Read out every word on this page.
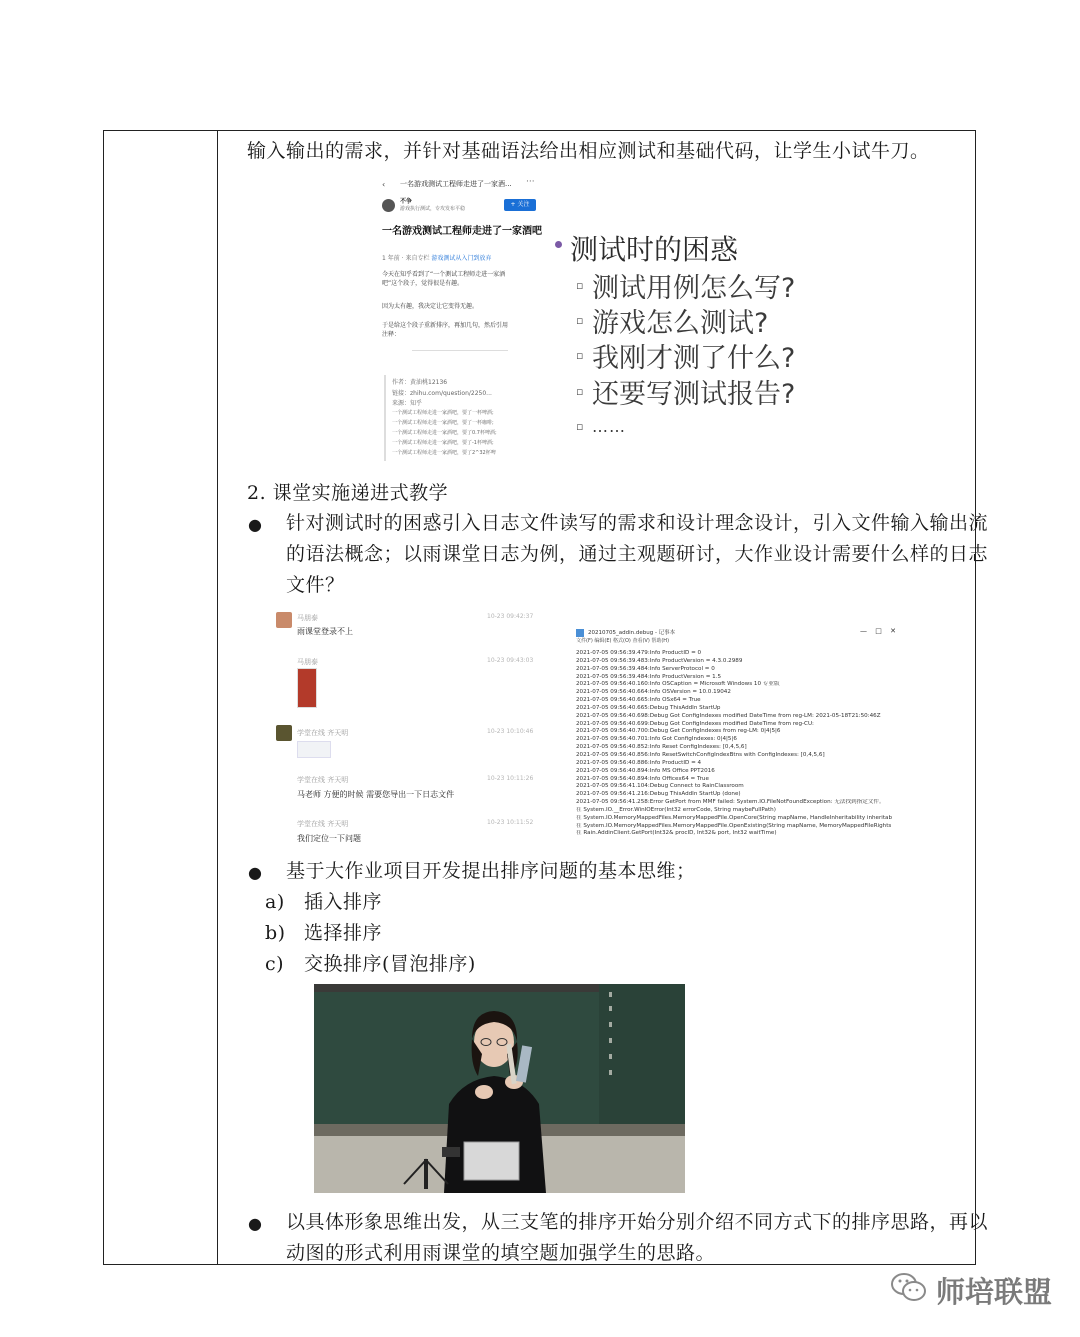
输入输出的需求，并针对基础语法给出相应测试和基础代码，让学生小试牛刀。
一名游戏测试工程师走进了一家酒... ···
‹
不争
游戏执行测试，专攻发布平稳
+ 关注
一名游戏测试工程师走进了一家酒吧
1 年前 · 来自专栏 游戏测试从入门到放弃
今天在知乎看到了“一个测试工程师走进一家酒吧”这个段子，觉得很是有趣。
因为太有趣，我决定让它变得无趣。
于是给这个段子重新排序，再加几句，然后引用注释：
作者：黄油桃12136
链接：zhihu.com/question/2250...
来源：知乎
一个测试工程师走进一家酒吧，要了一杯啤酒;
一个测试工程师走进一家酒吧，要了一杯咖啡;
一个测试工程师走进一家酒吧，要了0.7杯啤酒;
一个测试工程师走进一家酒吧，要了-1杯啤酒;
一个测试工程师走进一家酒吧，要了2^32杯啤
测试时的困惑
▫ 测试用例怎么写?
▫ 游戏怎么测试?
▫ 我刚才测了什么?
▫ 还要写测试报告?
▫ ……
2. 课堂实施递进式教学
● 针对测试时的困惑引入日志文件读写的需求和设计理念设计，引入文件输入输出流
的语法概念；以雨课堂日志为例，通过主观题研讨，大作业设计需要什么样的日志
文件？
马朋泰	10-23 09:42:37
雨课堂登录不上
马朋泰	10-23 09:43:03
学堂在线 齐天明	10-23 10:10:46
学堂在线 齐天明	10-23 10:11:26
马老师 方便的时候 需要您导出一下日志文件
学堂在线 齐天明	10-23 10:11:52
我们定位一下问题
20210705_addin.debug - 记事本	— □ ✕
文件(F) 编辑(E) 格式(O) 查看(V) 帮助(H)
2021-07-05 09:56:39.479:Info ProductID = 0
2021-07-05 09:56:39.483:Info ProductVersion = 4.3.0.2989
2021-07-05 09:56:39.484:Info ServerProtocol = 0
2021-07-05 09:56:39.484:Info ProductVersion = 1.5
2021-07-05 09:56:40.160:Info OSCaption = Microsoft Windows 10 专业版
2021-07-05 09:56:40.664:Info OSVersion = 10.0.19042
2021-07-05 09:56:40.665:Info OSx64 = True
2021-07-05 09:56:40.665:Debug ThisAddIn StartUp
2021-07-05 09:56:40.698:Debug Got ConfigIndexes modified DateTime from reg-LM: 2021-05-18T21:50:46Z
2021-07-05 09:56:40.699:Debug Got ConfigIndexes modified DateTime from reg-CU:
2021-07-05 09:56:40.700:Debug Get ConfigIndexes from reg-LM: 0|4|5|6
2021-07-05 09:56:40.701:Info Got ConfigIndexes: 0|4|5|6
2021-07-05 09:56:40.852:Info Reset ConfigIndexes: [0,4,5,6]
2021-07-05 09:56:40.856:Info ResetSwitchConfigIndexBtns with ConfigIndexes: [0,4,5,6]
2021-07-05 09:56:40.886:Info ProductID = 4
2021-07-05 09:56:40.894:Info MS Office PPT2016
2021-07-05 09:56:40.894:Info Officex64 = True
2021-07-05 09:56:41.104:Debug Connect to RainClassroom
2021-07-05 09:56:41.216:Debug ThisAddIn StartUp (done)
2021-07-05 09:56:41.258:Error GetPort from MMF failed: System.IO.FileNotFoundException: 无法找到指定文件。
在 System.IO.__Error.WinIOError(Int32 errorCode, String maybeFullPath)
在 System.IO.MemoryMappedFiles.MemoryMappedFile.OpenCore(String mapName, HandleInheritability inheritab
在 System.IO.MemoryMappedFiles.MemoryMappedFile.OpenExisting(String mapName, MemoryMappedFileRights
在 Rain.AddinClient.GetPort(Int32& procID, Int32& port, Int32 waitTime)
● 基于大作业项目开发提出排序问题的基本思维；
a) 插入排序
b) 选择排序
c) 交换排序(冒泡排序)
● 以具体形象思维出发，从三支笔的排序开始分别介绍不同方式下的排序思路，再以
动图的形式利用雨课堂的填空题加强学生的思路。
师培联盟
